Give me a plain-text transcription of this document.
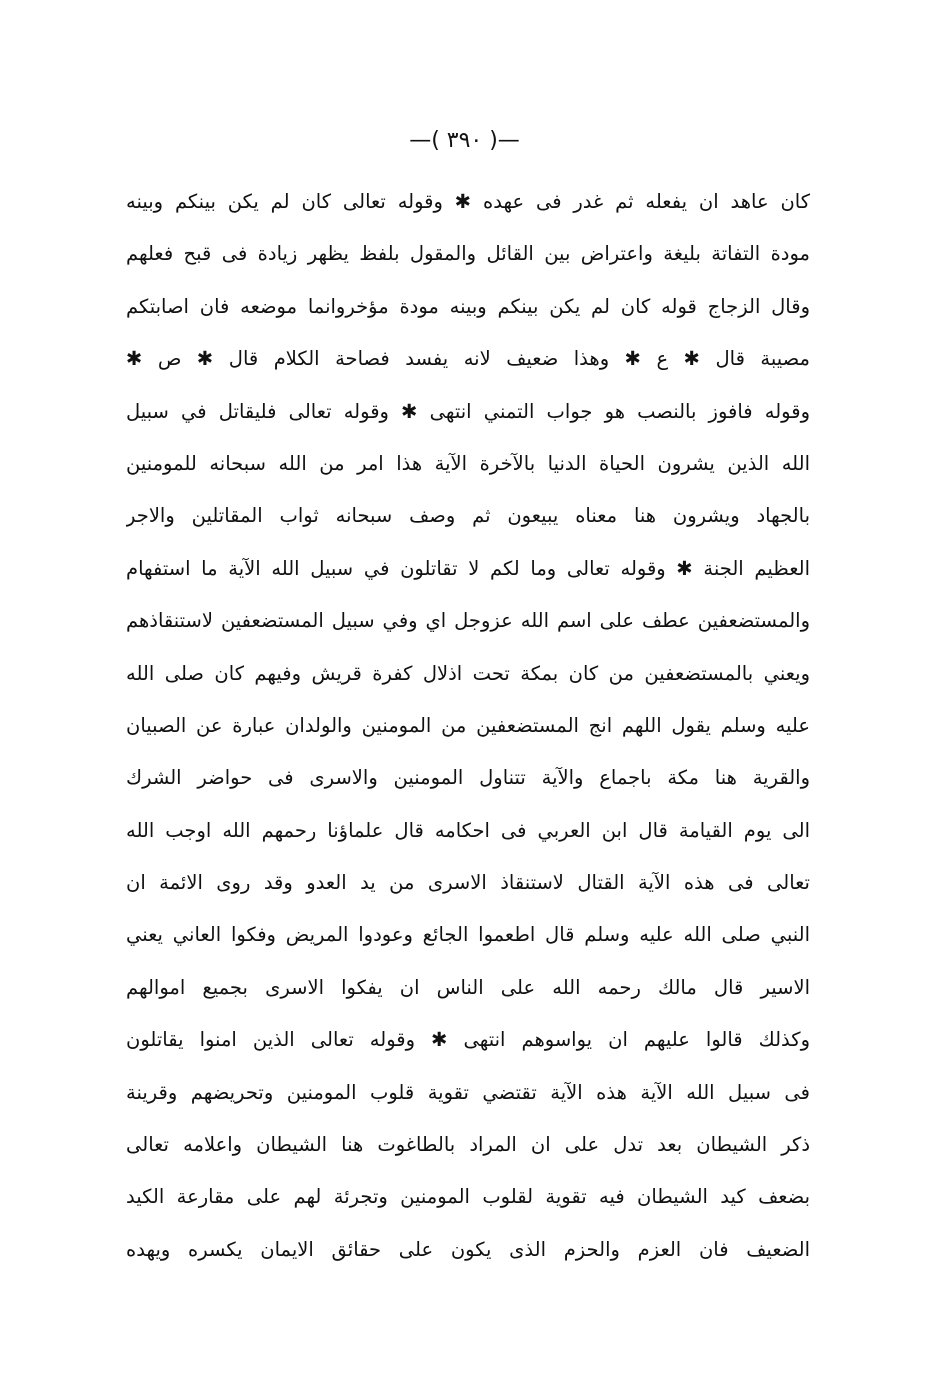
—( ٣٩٠ )—
كان عاهد ان يفعله ثم غدر فى عهده ✱ وقوله تعالى كان لم يكن بينكم وبينه
مودة التفاتة بليغة واعتراض بين القائل والمقول بلفظ يظهر زيادة فى قبح فعلهم
وقال الزجاج قوله كان لم يكن بينكم وبينه مودة مؤخروانما موضعه فان اصابتكم
مصيبة قال ✱ ع ✱ وهذا ضعيف لانه يفسد فصاحة الكلام قال ✱ ص ✱
وقوله فافوز بالنصب هو جواب التمني انتهى ✱ وقوله تعالى فليقاتل في سبيل
الله الذين يشرون الحياة الدنيا بالآخرة الآية هذا امر من الله سبحانه للمومنين
بالجهاد ويشرون هنا معناه يبيعون ثم وصف سبحانه ثواب المقاتلين والاجر
العظيم الجنة ✱ وقوله تعالى وما لكم لا تقاتلون في سبيل الله الآية ما استفهام
والمستضعفين عطف على اسم الله عزوجل اي وفي سبيل المستضعفين لاستنقاذهم
ويعني بالمستضعفين من كان بمكة تحت اذلال كفرة قريش وفيهم كان صلى الله
عليه وسلم يقول اللهم انج المستضعفين من المومنين والولدان عبارة عن الصبيان
والقرية هنا مكة باجماع والآية تتناول المومنين والاسرى فى حواضر الشرك
الى يوم القيامة قال ابن العربي فى احكامه قال علماؤنا رحمهم الله اوجب الله
تعالى فى هذه الآية القتال لاستنقاذ الاسرى من يد العدو وقد روى الائمة ان
النبي صلى الله عليه وسلم قال اطعموا الجائع وعودوا المريض وفكوا العاني يعني
الاسير قال مالك رحمه الله على الناس ان يفكوا الاسرى بجميع اموالهم
وكذلك قالوا عليهم ان يواسوهم انتهى ✱ وقوله تعالى الذين امنوا يقاتلون
فى سبيل الله الآية هذه الآية تقتضي تقوية قلوب المومنين وتحريضهم وقرينة
ذكر الشيطان بعد تدل على ان المراد بالطاغوت هنا الشيطان واعلامه تعالى
بضعف كيد الشيطان فيه تقوية لقلوب المومنين وتجرئة لهم على مقارعة الكيد
الضعيف فان العزم والحزم الذى يكون على حقائق الايمان يكسره ويهده
